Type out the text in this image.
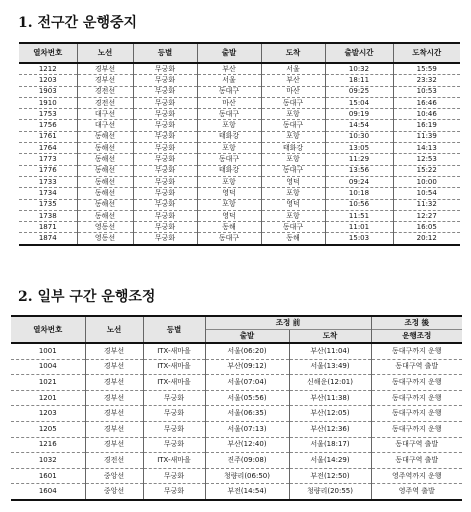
1. 전구간 운행중지
열차번호	노선	등별	출발	도착	출발시간	도착시간
1212	경부선	무궁화	부산	서울	10:32	15:59
1203	경부선	무궁화	서울	부산	18:11	23:32
1903	경전선	무궁화	동대구	마산	09:25	10:53
1910	경전선	무궁화	마산	동대구	15:04	16:46
1753	대구선	무궁화	동대구	포항	09:19	10:46
1756	대구선	무궁화	포항	동대구	14:54	16:19
1761	동해선	무궁화	태화강	포항	10:30	11:39
1764	동해선	무궁화	포항	태화강	13:05	14:13
1773	동해선	무궁화	동대구	포항	11:29	12:53
1776	동해선	무궁화	태화강	동대구	13:56	15:22
1733	동해선	무궁화	포항	영덕	09:24	10:00
1734	동해선	무궁화	영덕	포항	10:18	10:54
1735	동해선	무궁화	포항	영덕	10:56	11:32
1738	동해선	무궁화	영덕	포항	11:51	12:27
1871	영동선	무궁화	동해	동대구	11:01	16:05
1874	영동선	무궁화	동대구	동해	15:03	20:12
2. 일부 구간 운행조정
열차번호	노선	등별	조정 前		조정 後
			출발	도착	운행조정
1001	경부선	ITX-새마을	서울(06:20)	부산(11:04)	동대구까지 운행
1004	경부선	ITX-새마을	부산(09:12)	서울(13:49)	동대구역 출발
1021	경부선	ITX-새마을	서울(07:04)	신해운(12:01)	동대구까지 운행
1201	경부선	무궁화	서울(05:56)	부산(11:38)	동대구까지 운행
1203	경부선	무궁화	서울(06:35)	부산(12:05)	동대구까지 운행
1205	경부선	무궁화	서울(07:13)	부산(12:36)	동대구까지 운행
1216	경부선	무궁화	부산(12:40)	서울(18:17)	동대구역 출발
1032	경전선	ITX-새마을	진주(09:08)	서울(14:29)	동대구역 출발
1601	중앙선	무궁화	청량리(06:50)	부전(12:50)	영주역까지 운행
1604	중앙선	무궁화	부전(14:54)	청량리(20:55)	영주역 출발
